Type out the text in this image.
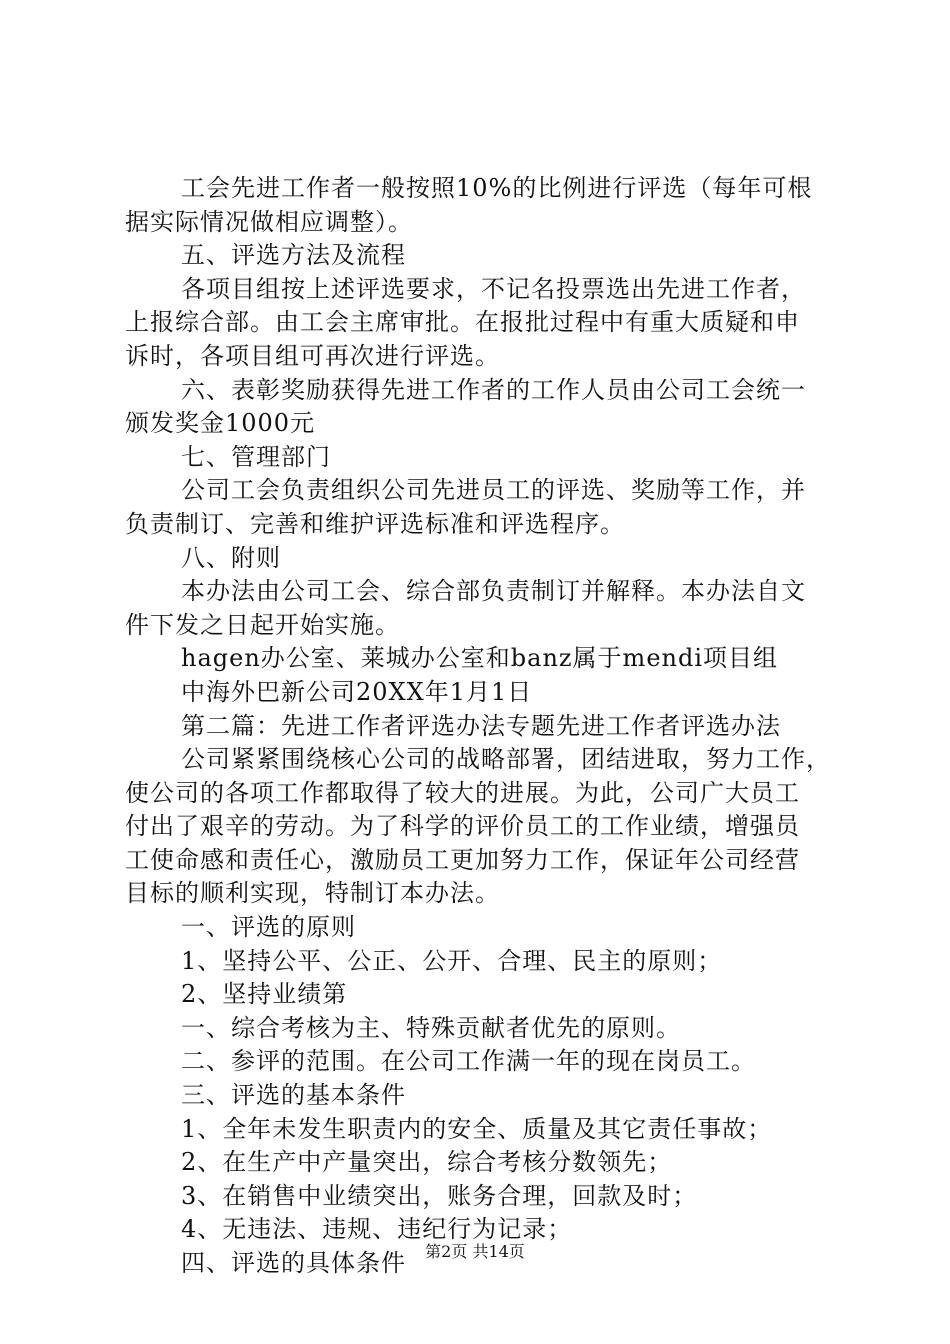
工会先进工作者一般按照10%的比例进行评选（每年可根
据实际情况做相应调整）。
五、评选方法及流程
各项目组按上述评选要求，不记名投票选出先进工作者，
上报综合部。由工会主席审批。在报批过程中有重大质疑和申
诉时，各项目组可再次进行评选。
六、表彰奖励获得先进工作者的工作人员由公司工会统一
颁发奖金1000元
七、管理部门
公司工会负责组织公司先进员工的评选、奖励等工作，并
负责制订、完善和维护评选标准和评选程序。
八、附则
本办法由公司工会、综合部负责制订并解释。本办法自文
件下发之日起开始实施。
hagen办公室、莱城办公室和banz属于mendi项目组
中海外巴新公司20XX年1月1日
第二篇：先进工作者评选办法专题先进工作者评选办法
公司紧紧围绕核心公司的战略部署，团结进取，努力工作，
使公司的各项工作都取得了较大的进展。为此，公司广大员工
付出了艰辛的劳动。为了科学的评价员工的工作业绩，增强员
工使命感和责任心，激励员工更加努力工作，保证年公司经营
目标的顺利实现，特制订本办法。
一、评选的原则
1、坚持公平、公正、公开、合理、民主的原则；
2、坚持业绩第
一、综合考核为主、特殊贡献者优先的原则。
二、参评的范围。在公司工作满一年的现在岗员工。
三、评选的基本条件
1、全年未发生职责内的安全、质量及其它责任事故；
2、在生产中产量突出，综合考核分数领先；
3、在销售中业绩突出，账务合理，回款及时；
4、无违法、违规、违纪行为记录；
四、评选的具体条件	第2页 共14页
